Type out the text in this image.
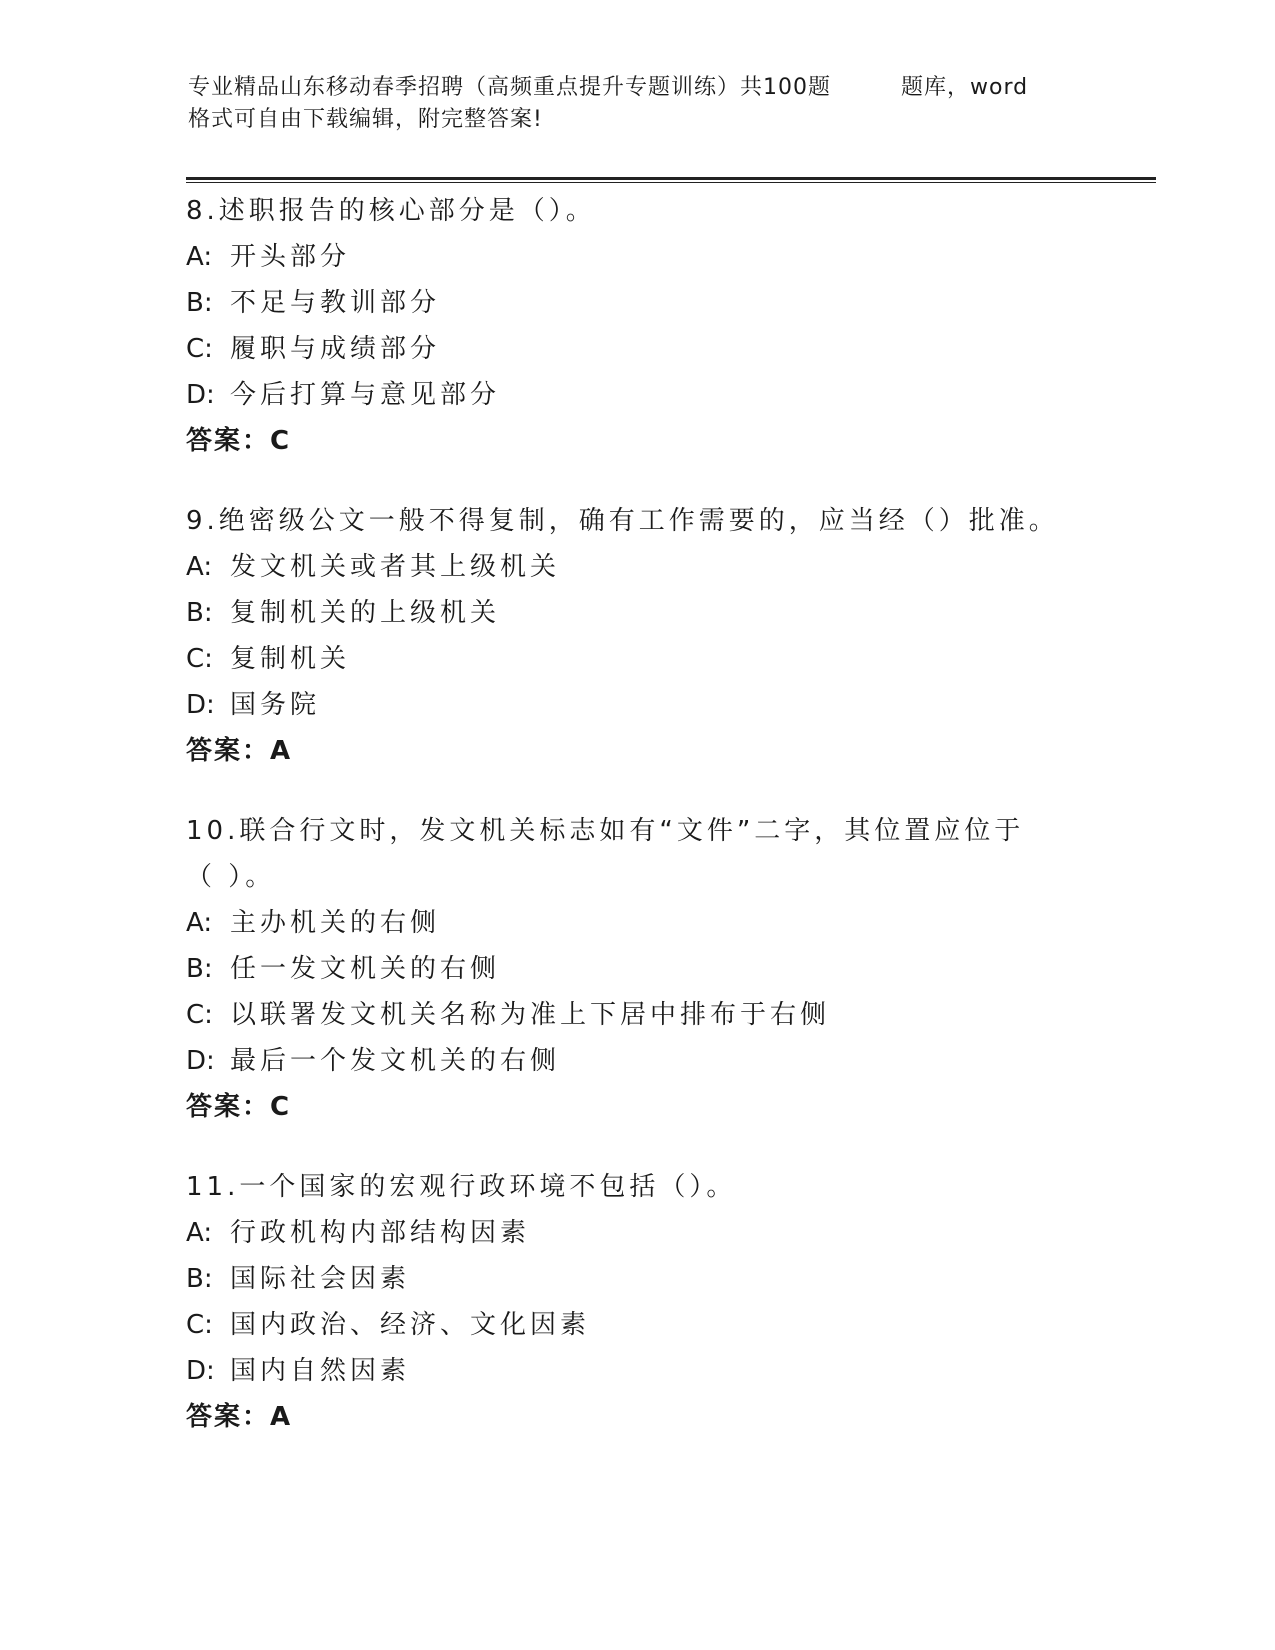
专业精品山东移动春季招聘（高频重点提升专题训练）共100题	题库，word
格式可自由下载编辑，附完整答案!
8.述职报告的核心部分是（）。
A: 开头部分
B: 不足与教训部分
C: 履职与成绩部分
D: 今后打算与意见部分
答案：C
9.绝密级公文一般不得复制，确有工作需要的，应当经（）批准。
A: 发文机关或者其上级机关
B: 复制机关的上级机关
C: 复制机关
D: 国务院
答案：A
10.联合行文时，发文机关标志如有“文件”二字，其位置应位于（ ）。
A: 主办机关的右侧
B: 任一发文机关的右侧
C: 以联署发文机关名称为准上下居中排布于右侧
D: 最后一个发文机关的右侧
答案：C
11.一个国家的宏观行政环境不包括（）。
A: 行政机构内部结构因素
B: 国际社会因素
C: 国内政治、经济、文化因素
D: 国内自然因素
答案：A
